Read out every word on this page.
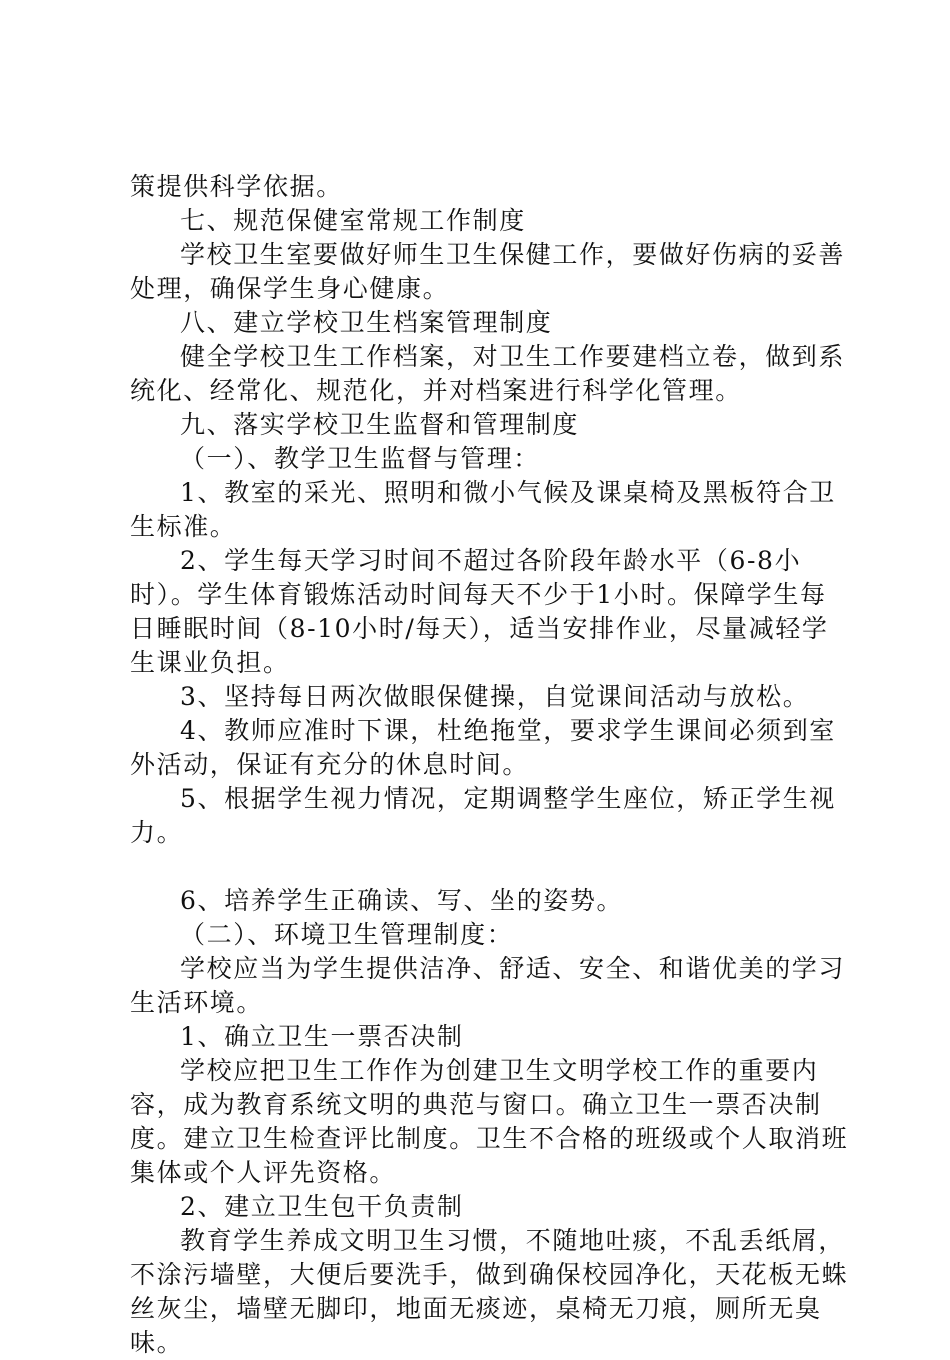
策提供科学依据。

七、规范保健室常规工作制度

学校卫生室要做好师生卫生保健工作，要做好伤病的妥善处理，确保学生身心健康。

八、建立学校卫生档案管理制度

健全学校卫生工作档案，对卫生工作要建档立卷，做到系统化、经常化、规范化，并对档案进行科学化管理。

九、落实学校卫生监督和管理制度

（一）、教学卫生监督与管理：

1、教室的采光、照明和微小气候及课桌椅及黑板符合卫生标准。

2、学生每天学习时间不超过各阶段年龄水平（6-8小时）。学生体育锻炼活动时间每天不少于1小时。保障学生每日睡眠时间（8-10小时/每天），适当安排作业，尽量减轻学生课业负担。

3、坚持每日两次做眼保健操，自觉课间活动与放松。

4、教师应准时下课，杜绝拖堂，要求学生课间必须到室外活动，保证有充分的休息时间。

5、根据学生视力情况，定期调整学生座位，矫正学生视力。

6、培养学生正确读、写、坐的姿势。

（二）、环境卫生管理制度：

学校应当为学生提供洁净、舒适、安全、和谐优美的学习生活环境。

1、确立卫生一票否决制

学校应把卫生工作作为创建卫生文明学校工作的重要内容，成为教育系统文明的典范与窗口。确立卫生一票否决制度。建立卫生检查评比制度。卫生不合格的班级或个人取消班集体或个人评先资格。

2、建立卫生包干负责制

教育学生养成文明卫生习惯，不随地吐痰，不乱丢纸屑，不涂污墙壁，大便后要洗手，做到确保校园净化，天花板无蛛丝灰尘，墙壁无脚印，地面无痰迹，桌椅无刀痕，厕所无臭味。
